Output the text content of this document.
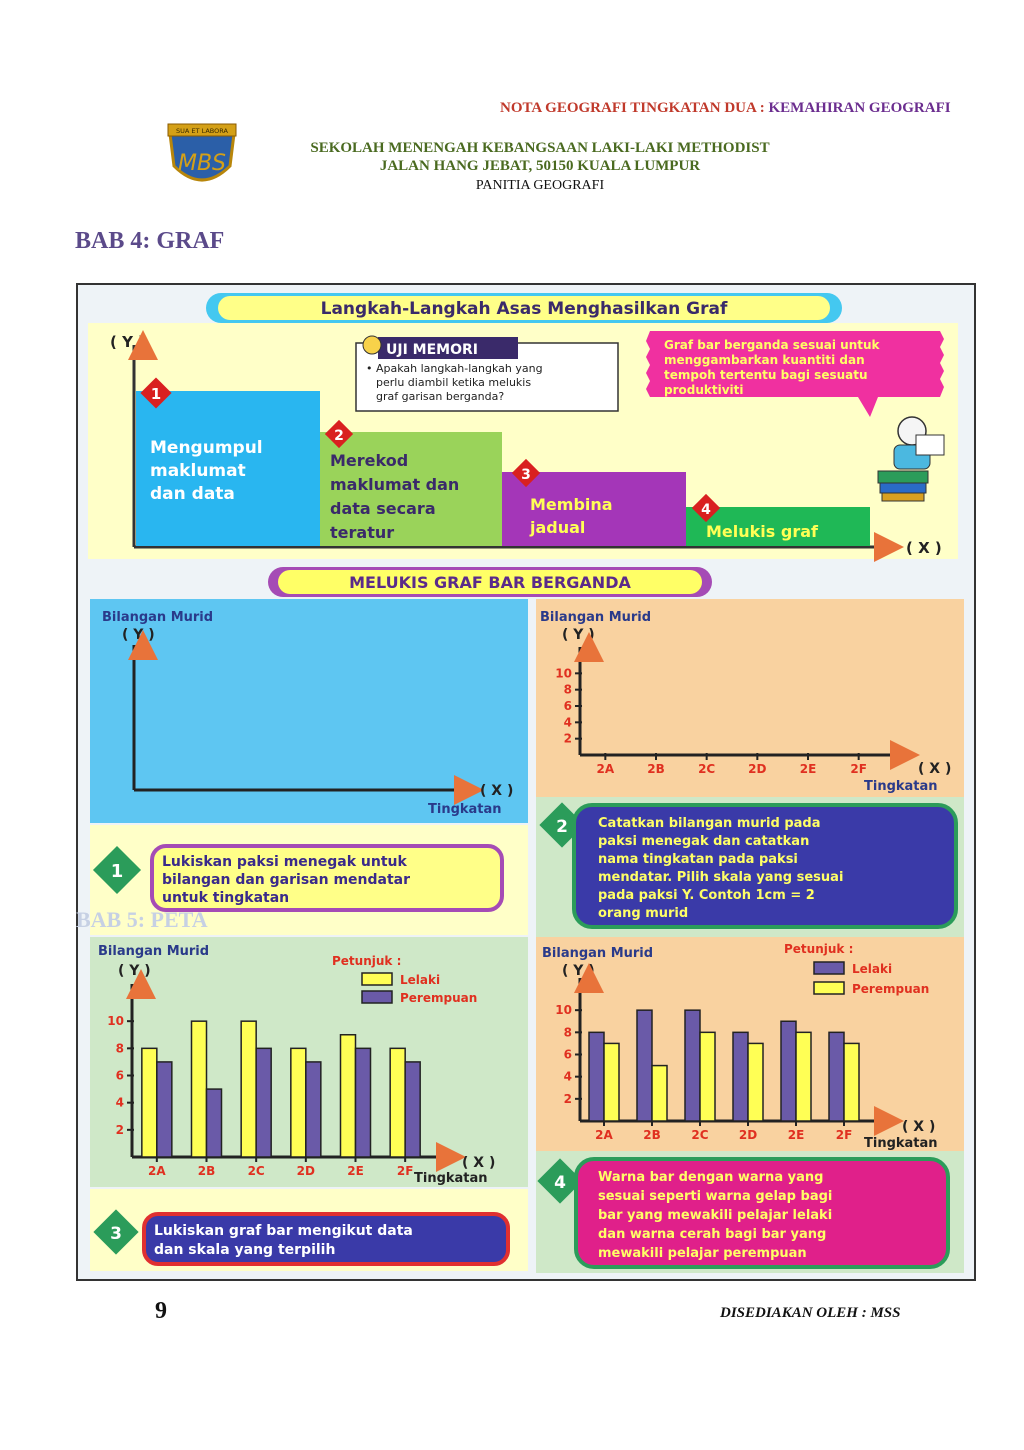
NOTA GEOGRAFI TINGKATAN DUA : KEMAHIRAN GEOGRAFI
SUA ET LABORA
MBS
SEKOLAH MENENGAH KEBANGSAAN LAKI-LAKI METHODIST
JALAN HANG JEBAT, 50150 KUALA LUMPUR
PANITIA GEOGRAFI
BAB 4: GRAF
Langkah-Langkah Asas Menghasilkan Graf
( Y )
( X )
1
2
3
4
Mengumpul
maklumat
dan data
Merekod
maklumat dan
data secara
teratur
Membina
jadual	Melukis graf
UJI MEMORI
• Apakah langkah-langkah yang
perlu diambil ketika melukis
graf garisan berganda?
Graf bar berganda sesuai untuk
menggambarkan kuantiti dan
tempoh tertentu bagi sesuatu
produktiviti
MELUKIS GRAF BAR BERGANDA
Bilangan Murid
( Y )
( X )
Tingkatan
Bilangan Murid
( Y )
2
4
6
8
10
2A	2B	2C	2D	2E	2F	( X )
Tingkatan
1	Lukiskan paksi menegak untuk
bilangan dan garisan mendatar
untuk tingkatan
2 Catatkan bilangan murid pada
paksi menegak dan catatkan
nama tingkatan pada paksi
mendatar. Pilih skala yang sesuai
pada paksi Y. Contoh 1cm = 2
orang murid
Bilangan Murid
( Y )
2
4
6
8
10
2A	2B	2C	2D	2E	2F
Petunjuk :
Lelaki
Perempuan
( X )
Tingkatan
Bilangan Murid
( Y )
2
4
6
8
10
2A	2B	2C	2D	2E	2F
Petunjuk :
Lelaki
Perempuan
( X )
Tingkatan
3 Lukiskan graf bar mengikut data
dan skala yang terpilih
4 Warna bar dengan warna yang
sesuai seperti warna gelap bagi
bar yang mewakili pelajar lelaki
dan warna cerah bagi bar yang
mewakili pelajar perempuan
BAB 5: PETA
9	DISEDIAKAN OLEH : MSS
